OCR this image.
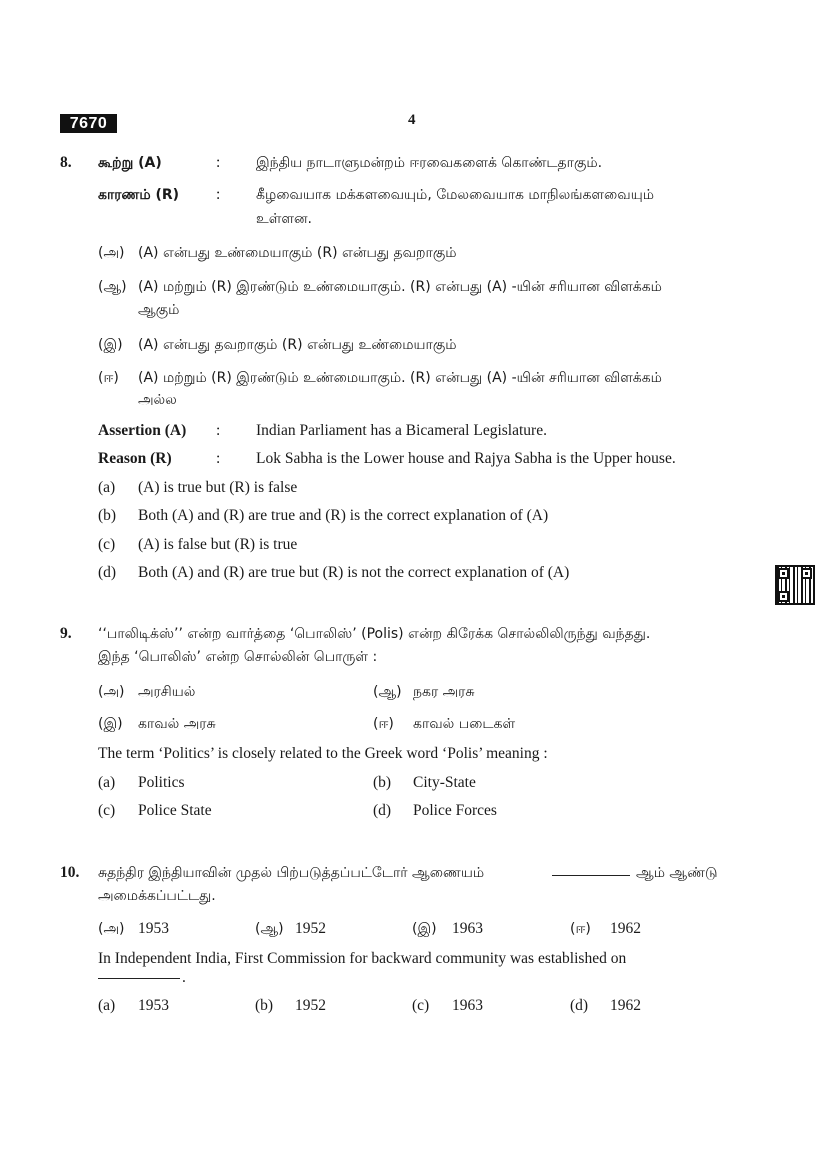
7670	4
8. கூற்று (A)	:	இந்திய நாடாளுமன்றம் ஈரவைகளைக் கொண்டதாகும்.
காரணம் (R) :	கீழவையாக மக்களவையும், மேலவையாக மாநிலங்களவையும்
உள்ளன.
(அ) (A) என்பது உண்மையாகும் (R) என்பது தவறாகும்
(ஆ) (A) மற்றும் (R) இரண்டும் உண்மையாகும். (R) என்பது (A) -யின் சரியான விளக்கம்
ஆகும்
(இ) (A) என்பது தவறாகும் (R) என்பது உண்மையாகும்
(ஈ) (A) மற்றும் (R) இரண்டும் உண்மையாகும். (R) என்பது (A) -யின் சரியான விளக்கம்
அல்ல
Assertion (A) : Indian Parliament has a Bicameral Legislature.
Reason (R)	: Lok Sabha is the Lower house and Rajya Sabha is the Upper house.
(a) (A) is true but (R) is false
(b) Both (A) and (R) are true and (R) is the correct explanation of (A)
(c) (A) is false but (R) is true
(d) Both (A) and (R) are true but (R) is not the correct explanation of (A)
9. ‘‘பாலிடிக்ஸ்’’ என்ற வார்த்தை ‘பொலிஸ்’ (Polis) என்ற கிரேக்க சொல்லிலிருந்து வந்தது.
இந்த ‘பொலிஸ்’ என்ற சொல்லின் பொருள் :
(அ) அரசியல்	(ஆ) நகர அரசு
(இ) காவல் அரசு	(ஈ) காவல் படைகள்
The term ‘Politics’ is closely related to the Greek word ‘Polis’ meaning :
(a) Politics	(b) City-State
(c) Police State	(d) Police Forces
10. சுதந்திர இந்தியாவின் முதல் பிற்படுத்தப்பட்டோர் ஆணையம்	ஆம் ஆண்டு
அமைக்கப்பட்டது.
(அ) 1953	(ஆ) 1952	(இ) 1963	(ஈ) 1962
In Independent India, First Commission for backward community was established on
.
(a) 1953	(b) 1952	(c) 1963	(d) 1962
